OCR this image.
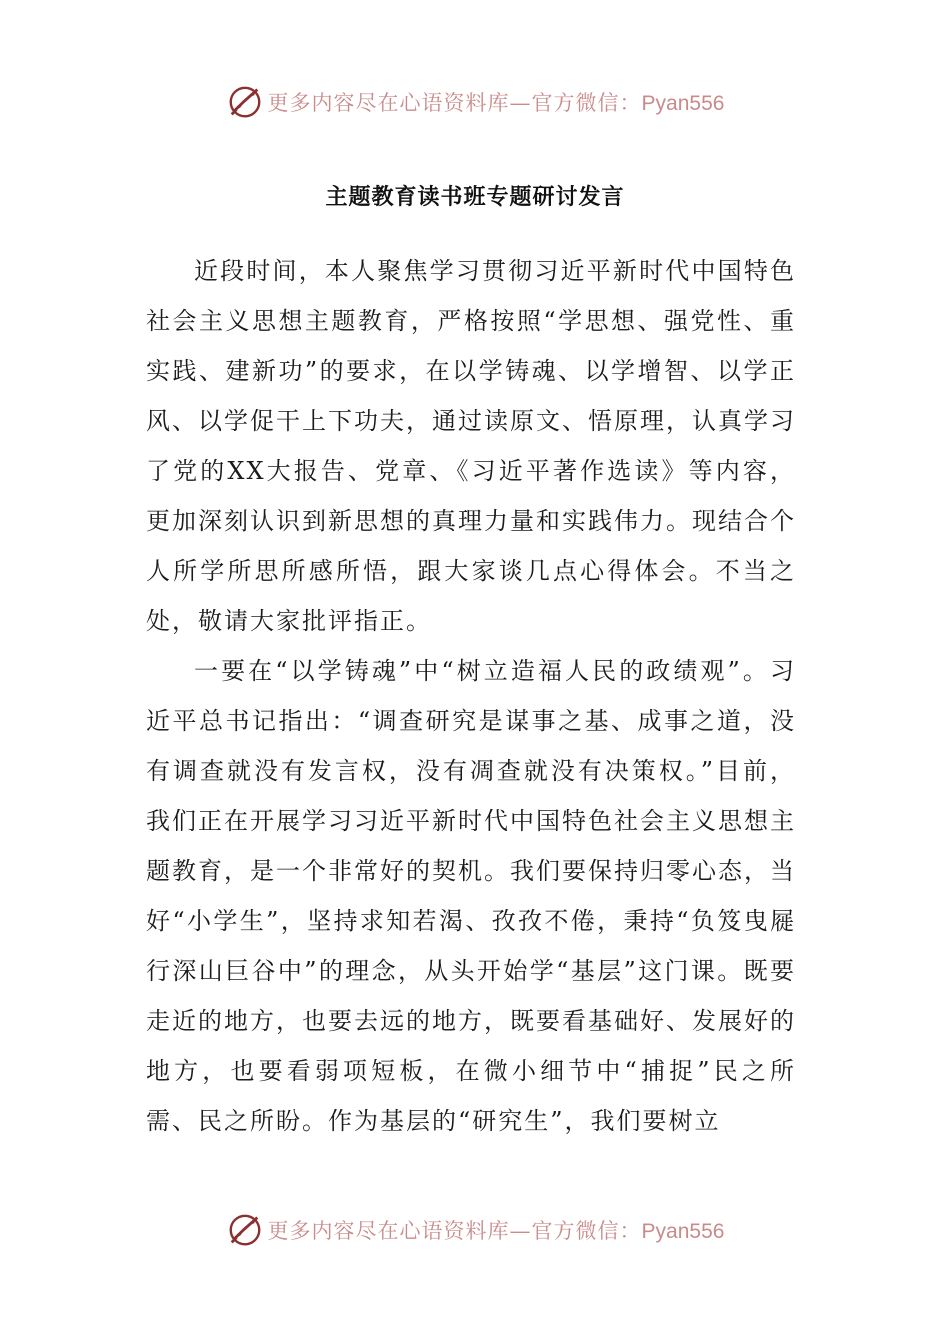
更多内容尽在心语资料库—官方微信：Pyan556
主题教育读书班专题研讨发言

近段时间，本人聚焦学习贯彻习近平新时代中国特色社会主义思想主题教育，严格按照“学思想、强党性、重实践、建新功”的要求，在以学铸魂、以学增智、以学正风、以学促干上下功夫，通过读原文、悟原理，认真学习了党的XX大报告、党章、《习近平著作选读》等内容，更加深刻认识到新思想的真理力量和实践伟力。现结合个人所学所思所感所悟，跟大家谈几点心得体会。不当之处，敬请大家批评指正。

一要在“以学铸魂”中“树立造福人民的政绩观”。习近平总书记指出：“调查研究是谋事之基、成事之道，没有调查就没有发言权，没有凋查就没有决策权。”目前，我们正在开展学习习近平新时代中国特色社会主义思想主题教育，是一个非常好的契机。我们要保持归零心态，当好“小学生”，坚持求知若渴、孜孜不倦，秉持“负笈曳屣行深山巨谷中”的理念，从头开始学“基层”这门课。既要走近的地方，也要去远的地方，既要看基础好、发展好的地方，也要看弱项短板，在微小细节中“捕捉”民之所需、民之所盼。作为基层的“研究生”，我们要树立

更多内容尽在心语资料库—官方微信：Pyan556
